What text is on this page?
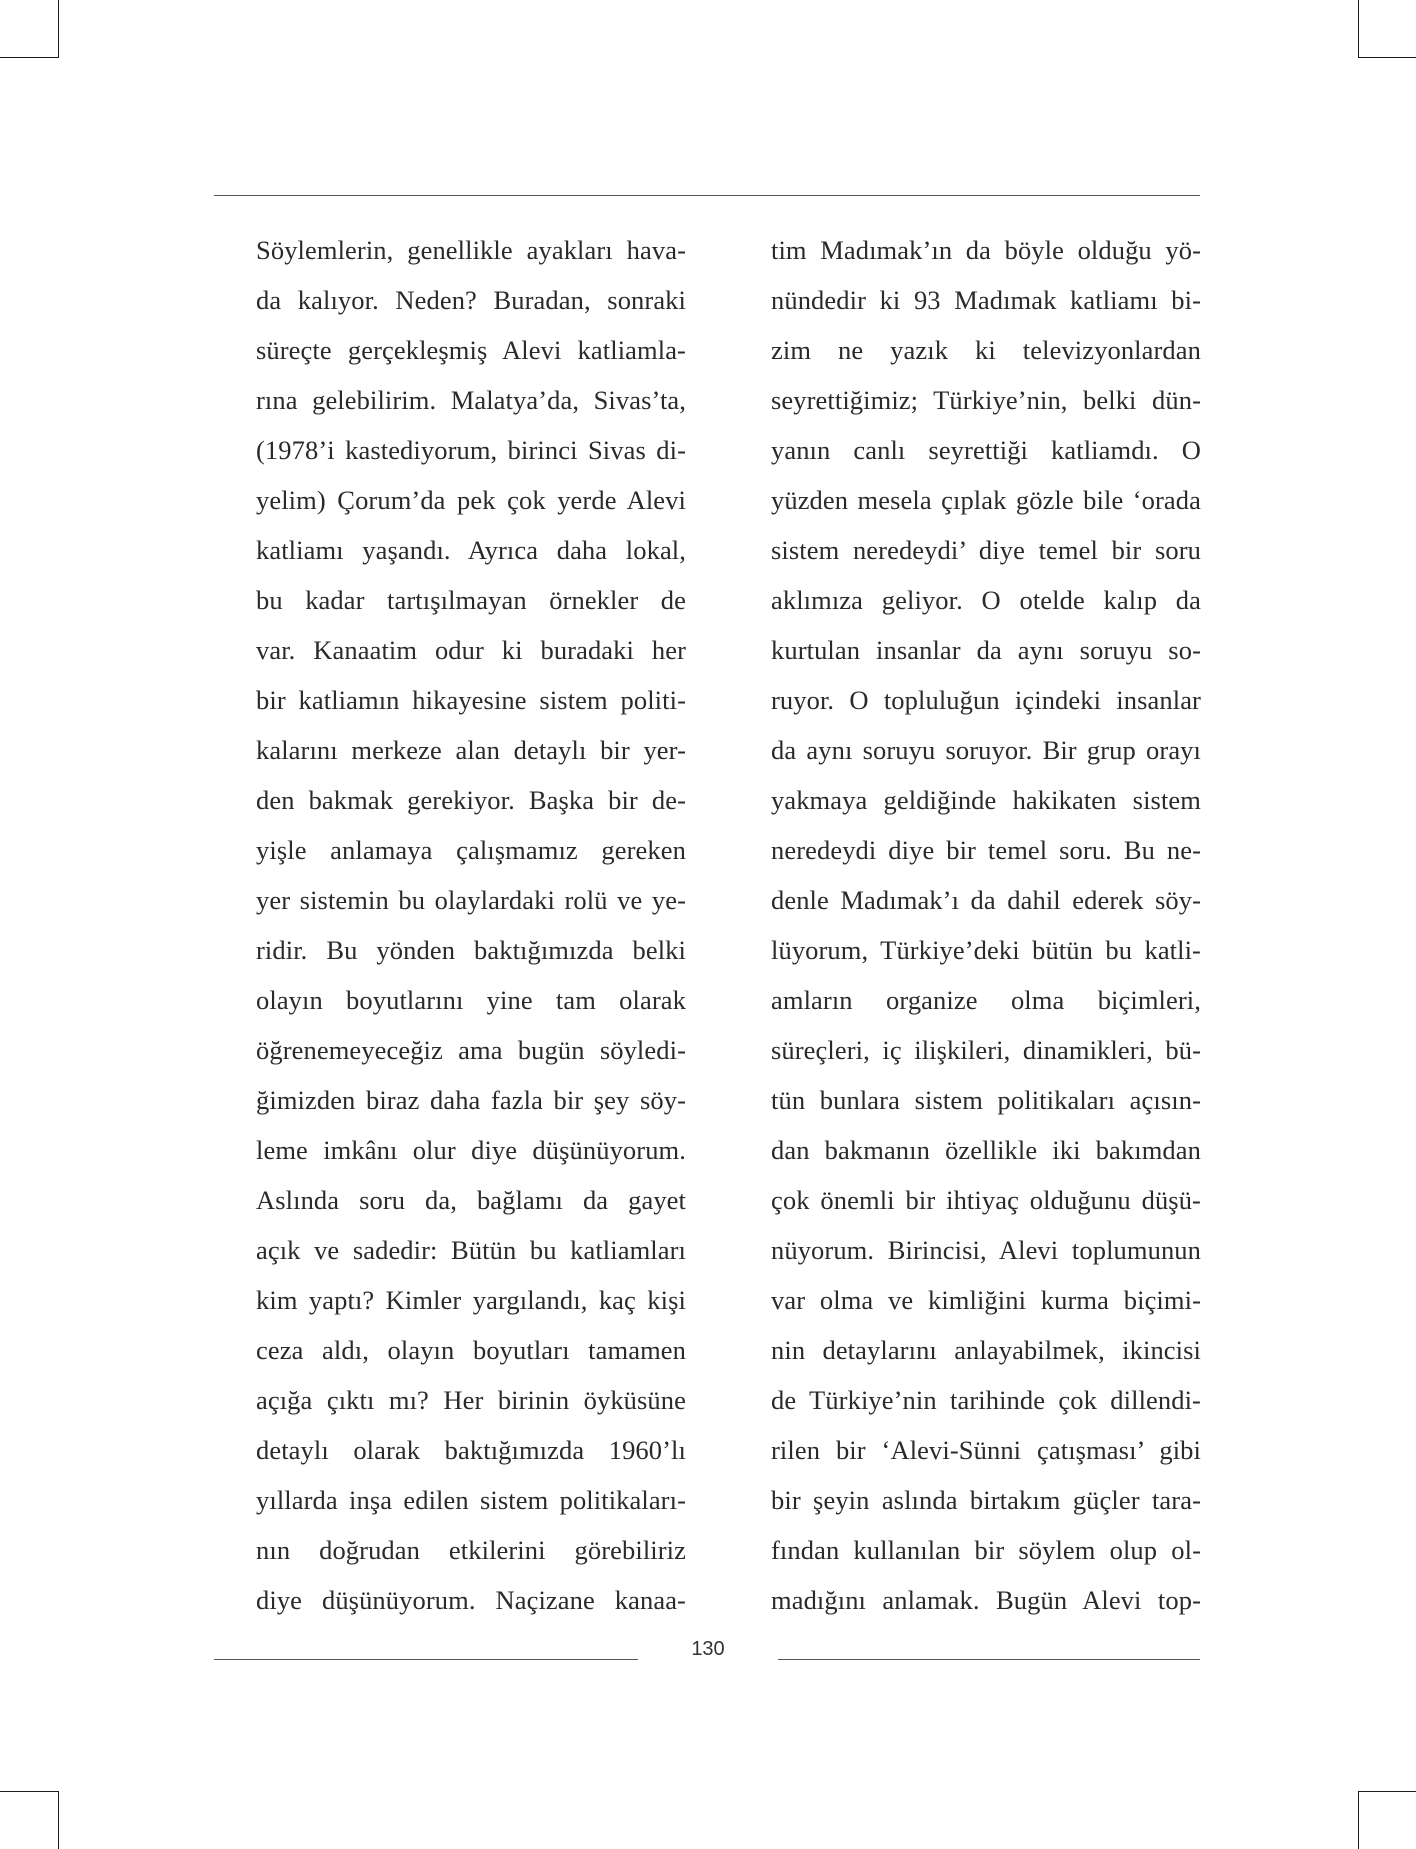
Söylemlerin, genellikle ayakları hava-
da kalıyor. Neden? Buradan, sonraki
süreçte gerçekleşmiş Alevi katliamla-
rına gelebilirim. Malatya’da, Sivas’ta,
(1978’i kastediyorum, birinci Sivas di-
yelim) Çorum’da pek çok yerde Alevi
katliamı yaşandı. Ayrıca daha lokal,
bu kadar tartışılmayan örnekler de
var. Kanaatim odur ki buradaki her
bir katliamın hikayesine sistem politi-
kalarını merkeze alan detaylı bir yer-
den bakmak gerekiyor. Başka bir de-
yişle anlamaya çalışmamız gereken
yer sistemin bu olaylardaki rolü ve ye-
ridir. Bu yönden baktığımızda belki
olayın boyutlarını yine tam olarak
öğrenemeyeceğiz ama bugün söyledi-
ğimizden biraz daha fazla bir şey söy-
leme imkânı olur diye düşünüyorum.
Aslında soru da, bağlamı da gayet
açık ve sadedir: Bütün bu katliamları
kim yaptı? Kimler yargılandı, kaç kişi
ceza aldı, olayın boyutları tamamen
açığa çıktı mı? Her birinin öyküsüne
detaylı olarak baktığımızda 1960’lı
yıllarda inşa edilen sistem politikaları-
nın doğrudan etkilerini görebiliriz
diye düşünüyorum. Naçizane kanaa-
tim Madımak’ın da böyle olduğu yö-
nündedir ki 93 Madımak katliamı bi-
zim ne yazık ki televizyonlardan
seyrettiğimiz; Türkiye’nin, belki dün-
yanın canlı seyrettiği katliamdı. O
yüzden mesela çıplak gözle bile ‘orada
sistem neredeydi’ diye temel bir soru
aklımıza geliyor. O otelde kalıp da
kurtulan insanlar da aynı soruyu so-
ruyor. O topluluğun içindeki insanlar
da aynı soruyu soruyor. Bir grup orayı
yakmaya geldiğinde hakikaten sistem
neredeydi diye bir temel soru. Bu ne-
denle Madımak’ı da dahil ederek söy-
lüyorum, Türkiye’deki bütün bu katli-
amların organize olma biçimleri,
süreçleri, iç ilişkileri, dinamikleri, bü-
tün bunlara sistem politikaları açısın-
dan bakmanın özellikle iki bakımdan
çok önemli bir ihtiyaç olduğunu düşü-
nüyorum. Birincisi, Alevi toplumunun
var olma ve kimliğini kurma biçimi-
nin detaylarını anlayabilmek, ikincisi
de Türkiye’nin tarihinde çok dillendi-
rilen bir ‘Alevi-Sünni çatışması’ gibi
bir şeyin aslında birtakım güçler tara-
fından kullanılan bir söylem olup ol-
madığını anlamak. Bugün Alevi top-
130
